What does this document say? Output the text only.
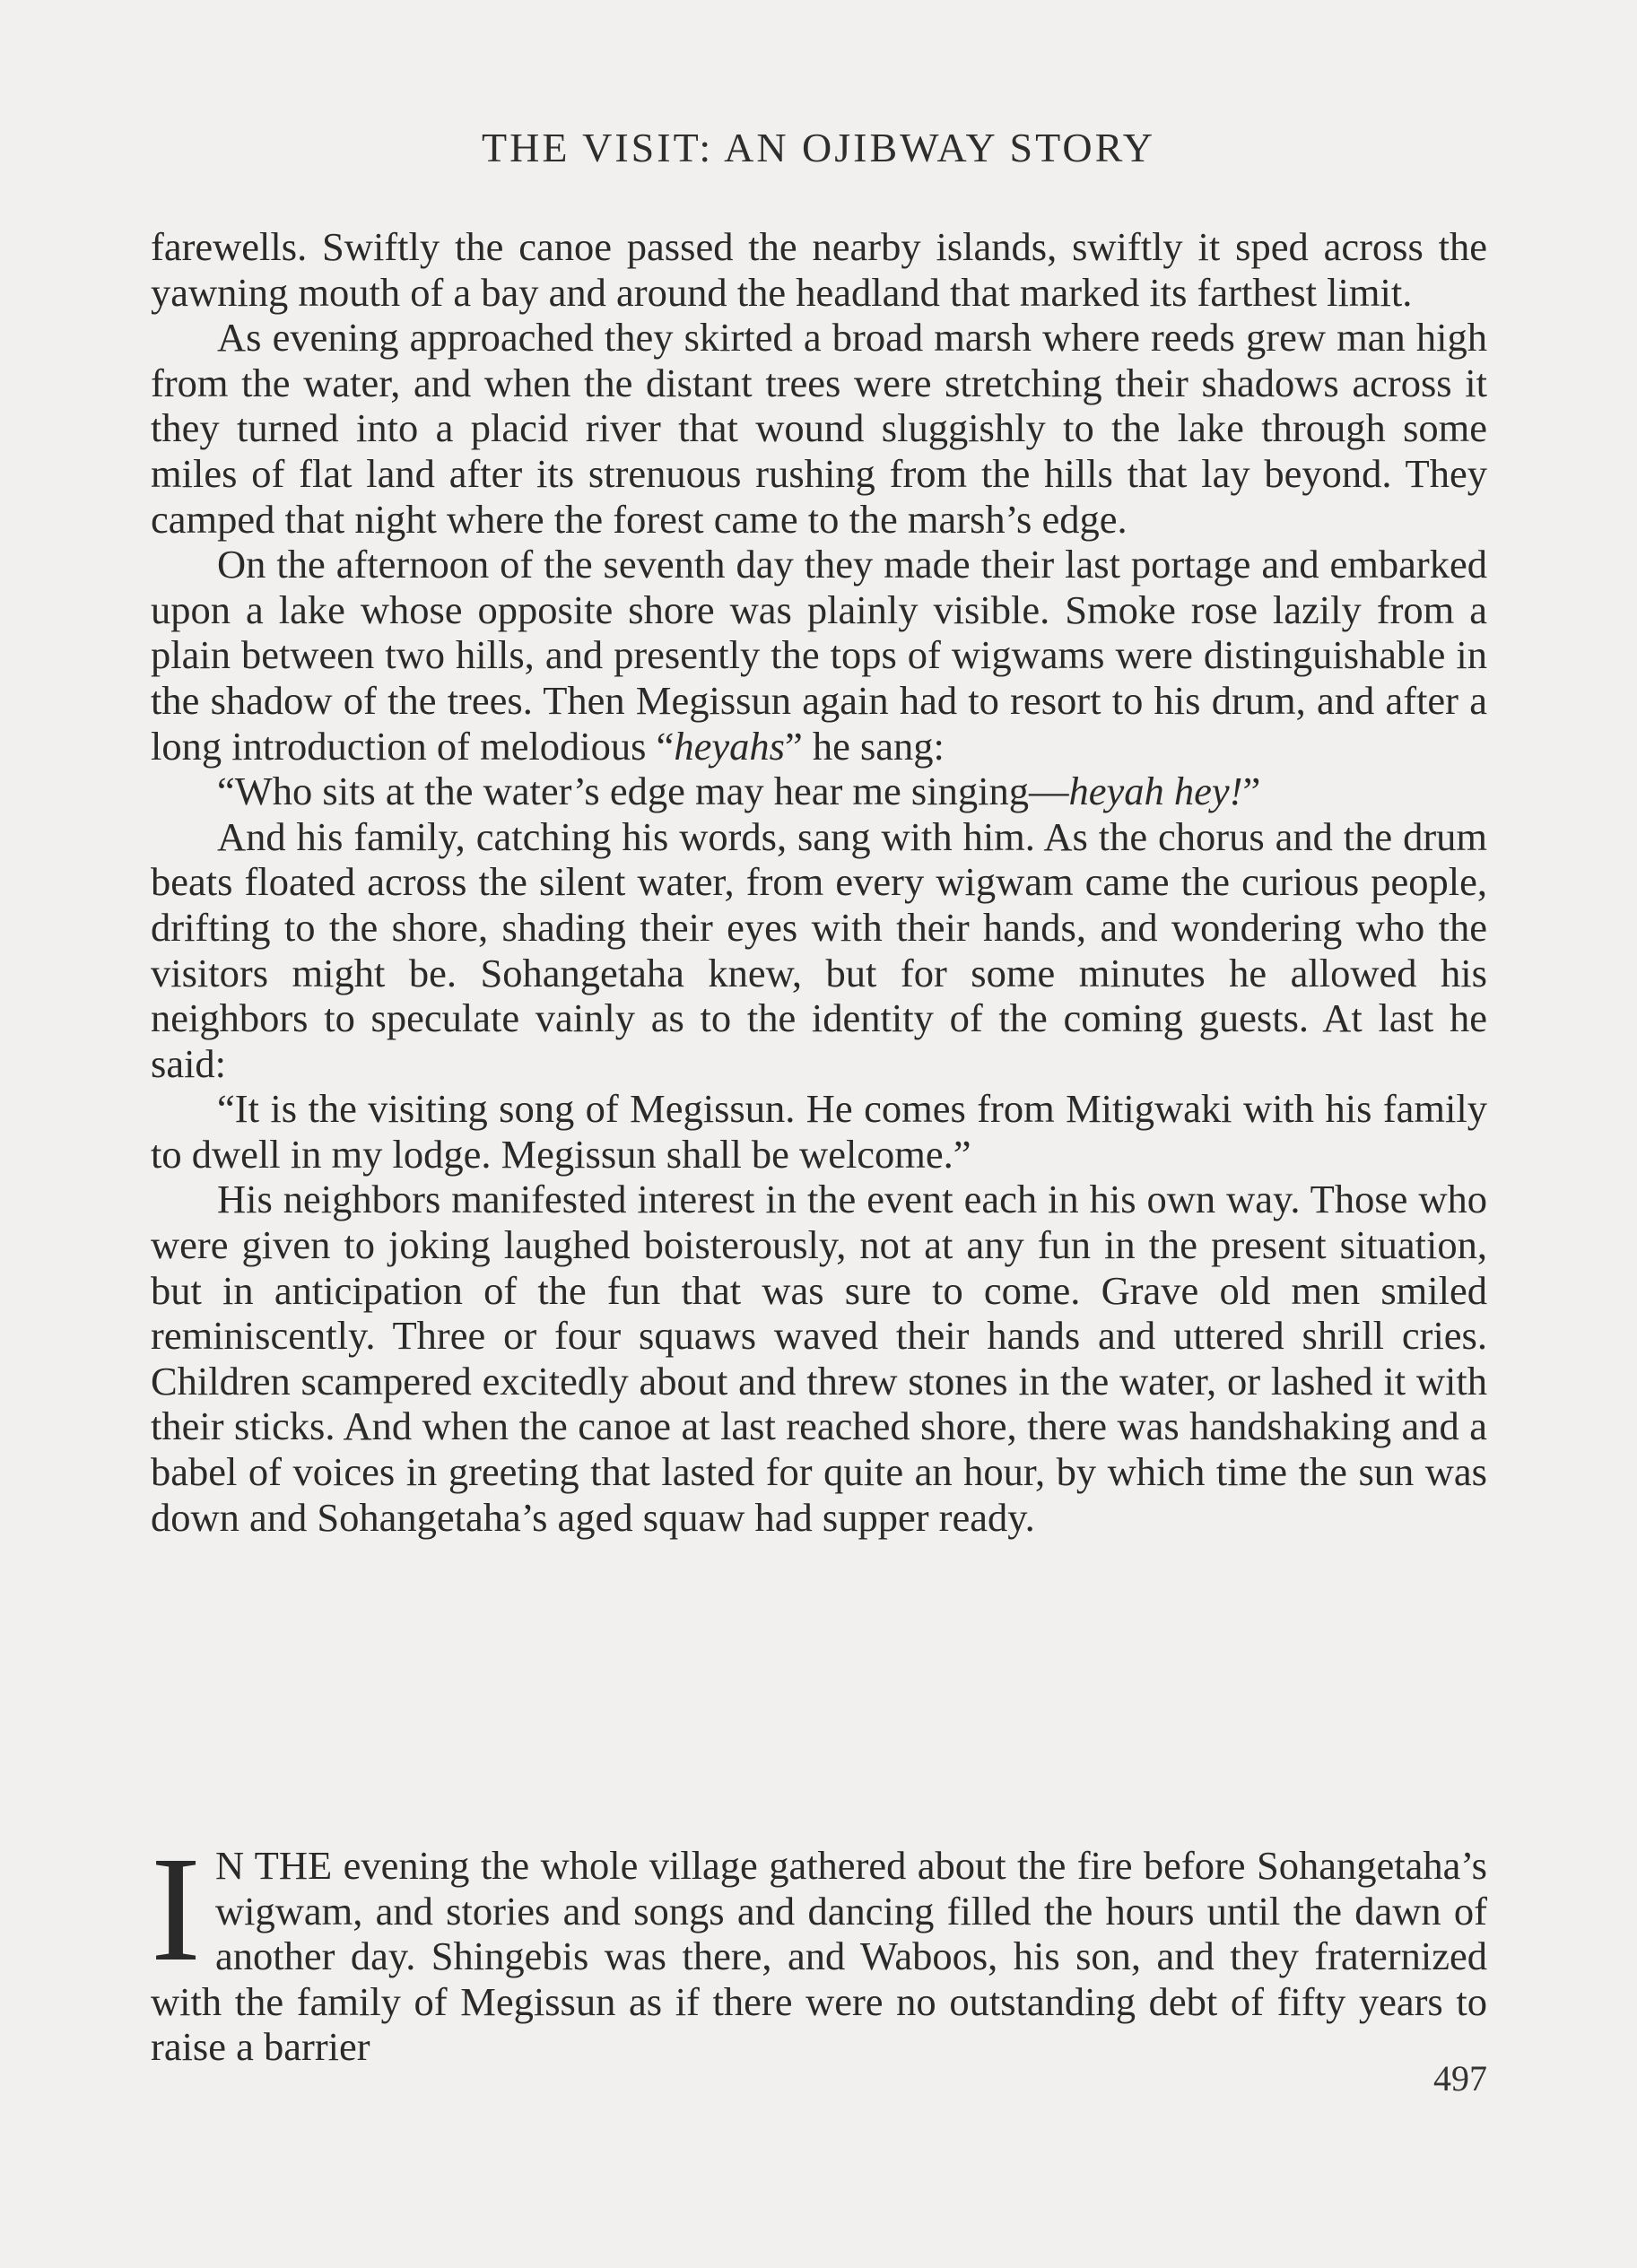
THE VISIT: AN OJIBWAY STORY

farewells. Swiftly the canoe passed the nearby islands, swiftly it sped across the yawning mouth of a bay and around the headland that marked its farthest limit.

As evening approached they skirted a broad marsh where reeds grew man high from the water, and when the distant trees were stretching their shadows across it they turned into a placid river that wound sluggishly to the lake through some miles of flat land after its strenuous rushing from the hills that lay beyond. They camped that night where the forest came to the marsh’s edge.

On the afternoon of the seventh day they made their last portage and embarked upon a lake whose opposite shore was plainly visible. Smoke rose lazily from a plain between two hills, and presently the tops of wigwams were distinguishable in the shadow of the trees. Then Megissun again had to resort to his drum, and after a long introduction of melodious “heyahs” he sang:

“Who sits at the water’s edge may hear me singing—heyah hey!”

And his family, catching his words, sang with him. As the chorus and the drum beats floated across the silent water, from every wigwam came the curious people, drifting to the shore, shading their eyes with their hands, and wondering who the visitors might be. Sohangetaha knew, but for some minutes he allowed his neighbors to speculate vainly as to the identity of the coming guests. At last he said:

“It is the visiting song of Megissun. He comes from Mitigwaki with his family to dwell in my lodge. Megissun shall be welcome.”

His neighbors manifested interest in the event each in his own way. Those who were given to joking laughed boisterously, not at any fun in the present situation, but in anticipation of the fun that was sure to come. Grave old men smiled reminiscently. Three or four squaws waved their hands and uttered shrill cries. Children scampered excitedly about and threw stones in the water, or lashed it with their sticks. And when the canoe at last reached shore, there was handshaking and a babel of voices in greeting that lasted for quite an hour, by which time the sun was down and Sohangetaha’s aged squaw had supper ready.

I N THE evening the whole village gathered about the fire before Sohangetaha’s wigwam, and stories and songs and dancing filled the hours until the dawn of another day. Shingebis was there, and Waboos, his son, and they fraternized with the family of Megissun as if there were no outstanding debt of fifty years to raise a barrier

497
